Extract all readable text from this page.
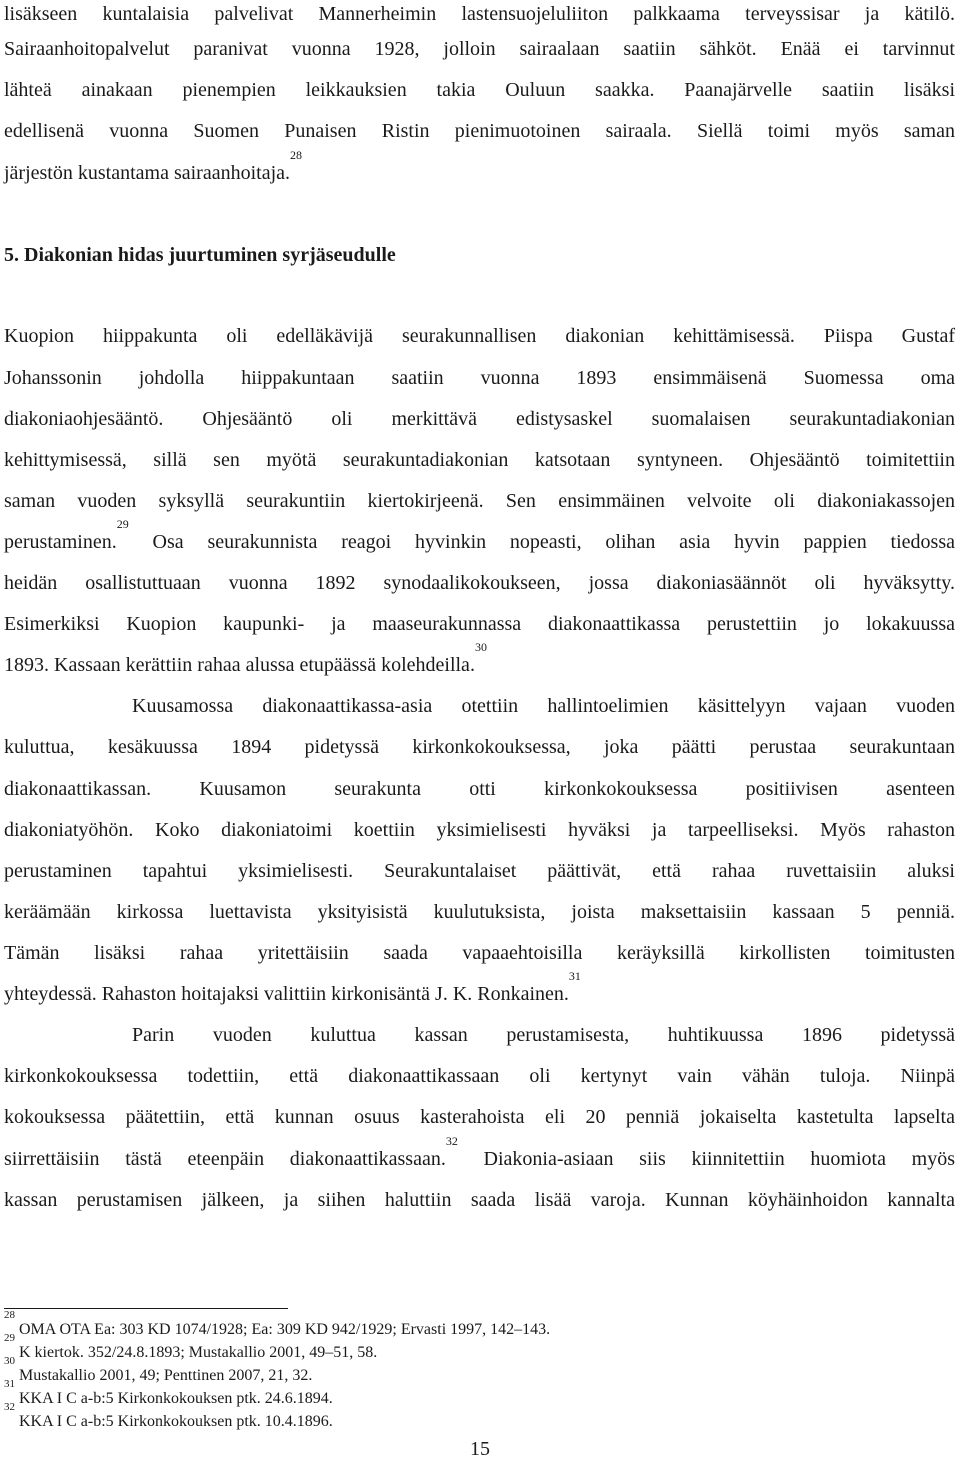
lisäkseen kuntalaisia palvelivat Mannerheimin lastensuojeluliiton palkkaama terveyssisar ja kätilö.
Sairaanhoitopalvelut paranivat vuonna 1928, jolloin sairaalaan saatiin sähköt. Enää ei tarvinnut
lähteä ainakaan pienempien leikkauksien takia Ouluun saakka. Paanajärvelle saatiin lisäksi
edellisenä vuonna Suomen Punaisen Ristin pienimuotoinen sairaala. Siellä toimi myös saman
järjestön kustantama sairaanhoitaja.$^{28}$
5. Diakonian hidas juurtuminen syrjäseudulle
Kuopion hiippakunta oli edelläkävijä seurakunnallisen diakonian kehittämisessä. Piispa Gustaf
Johanssonin johdolla hiippakuntaan saatiin vuonna 1893 ensimmäisenä Suomessa oma
diakoniaohjesääntö. Ohjesääntö oli merkittävä edistysaskel suomalaisen seurakuntadiakonian
kehittymisessä, sillä sen myötä seurakuntadiakonian katsotaan syntyneen. Ohjesääntö toimitettiin
saman vuoden syksyllä seurakuntiin kiertokirjeenä. Sen ensimmäinen velvoite oli diakoniakassojen
perustaminen.$^{29}$ Osa seurakunnista reagoi hyvinkin nopeasti, olihan asia hyvin pappien tiedossa
heidän osallistuttuaan vuonna 1892 synodaalikokoukseen, jossa diakoniasäännöt oli hyväksytty.
Esimerkiksi Kuopion kaupunki- ja maaseurakunnassa diakonaattikassa perustettiin jo lokakuussa
1893. Kassaan kerättiin rahaa alussa etupäässä kolehdeilla.$^{30}$
Kuusamossa diakonaattikassa-asia otettiin hallintoelimien käsittelyyn vajaan vuoden
kuluttua, kesäkuussa 1894 pidetyssä kirkonkokouksessa, joka päätti perustaa seurakuntaan
diakonaattikassan. Kuusamon seurakunta otti kirkonkokouksessa positiivisen asenteen
diakoniatyöhön. Koko diakoniatoimi koettiin yksimielisesti hyväksi ja tarpeelliseksi. Myös rahaston
perustaminen tapahtui yksimielisesti. Seurakuntalaiset päättivät, että rahaa ruvettaisiin aluksi
keräämään kirkossa luettavista yksityisistä kuulutuksista, joista maksettaisiin kassaan 5 penniä.
Tämän lisäksi rahaa yritettäisiin saada vapaaehtoisilla keräyksillä kirkollisten toimitusten
yhteydessä. Rahaston hoitajaksi valittiin kirkonisäntä J. K. Ronkainen.$^{31}$
Parin vuoden kuluttua kassan perustamisesta, huhtikuussa 1896 pidetyssä
kirkonkokouksessa todettiin, että diakonaattikassaan oli kertynyt vain vähän tuloja. Niinpä
kokouksessa päätettiin, että kunnan osuus kasterahoista eli 20 penniä jokaiselta kastetulta lapselta
siirrettäisiin tästä eteenpäin diakonaattikassaan.$^{32}$ Diakonia-asiaan siis kiinnitettiin huomiota myös
kassan perustamisen jälkeen, ja siihen haluttiin saada lisää varoja. Kunnan köyhäinhoidon kannalta
$^{28}$ OMA OTA Ea: 303 KD 1074/1928; Ea: 309 KD 942/1929; Ervasti 1997, 142–143.
$^{29}$ K kiertok. 352/24.8.1893; Mustakallio 2001, 49–51, 58.
$^{30}$ Mustakallio 2001, 49; Penttinen 2007, 21, 32.
$^{31}$ KKA I C a-b:5 Kirkonkokouksen ptk. 24.6.1894.
$^{32}$ KKA I C a-b:5 Kirkonkokouksen ptk. 10.4.1896.
15
